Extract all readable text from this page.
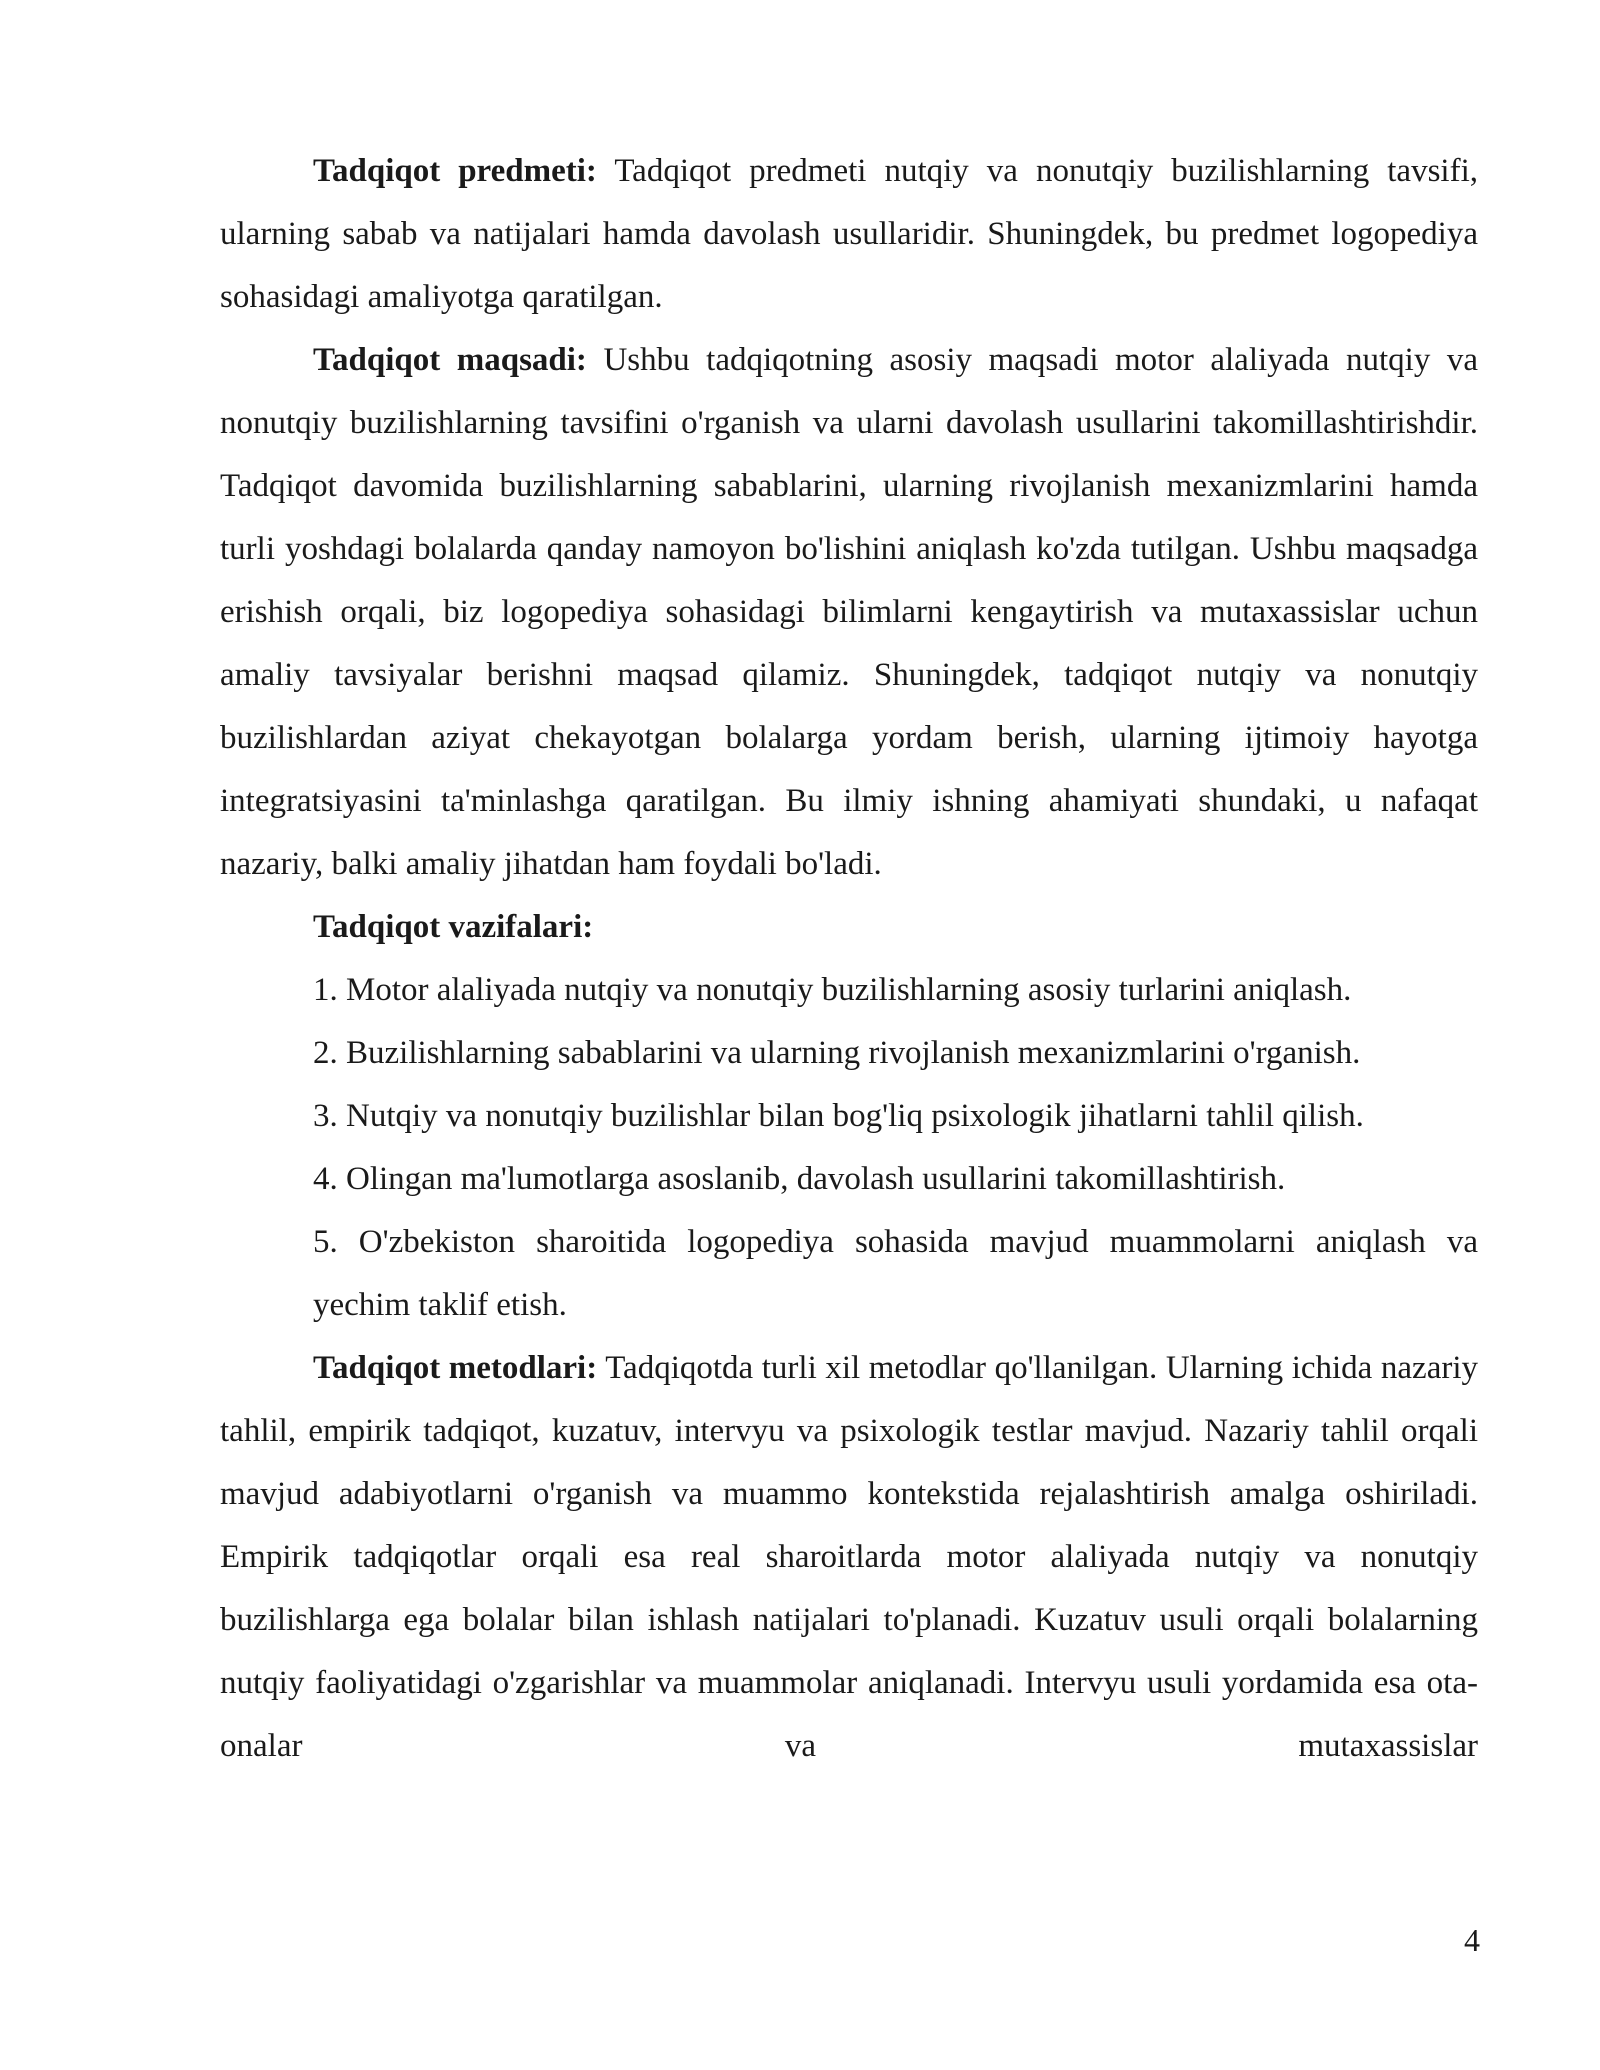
Tadqiqot predmeti: Tadqiqot predmeti nutqiy va nonutqiy buzilishlarning tavsifi, ularning sabab va natijalari hamda davolash usullaridir. Shuningdek, bu predmet logopediya sohasidagi amaliyotga qaratilgan.

Tadqiqot maqsadi: Ushbu tadqiqotning asosiy maqsadi motor alaliyada nutqiy va nonutqiy buzilishlarning tavsifini o'rganish va ularni davolash usullarini takomillashtirishdir. Tadqiqot davomida buzilishlarning sabablarini, ularning rivojlanish mexanizmlarini hamda turli yoshdagi bolalarda qanday namoyon bo'lishini aniqlash ko'zda tutilgan. Ushbu maqsadga erishish orqali, biz logopediya sohasidagi bilimlarni kengaytirish va mutaxassislar uchun amaliy tavsiyalar berishni maqsad qilamiz. Shuningdek, tadqiqot nutqiy va nonutqiy buzilishlardan aziyat chekayotgan bolalarga yordam berish, ularning ijtimoiy hayotga integratsiyasini ta'minlashga qaratilgan. Bu ilmiy ishning ahamiyati shundaki, u nafaqat nazariy, balki amaliy jihatdan ham foydali bo'ladi.

Tadqiqot vazifalari:

1. Motor alaliyada nutqiy va nonutqiy buzilishlarning asosiy turlarini aniqlash.

2. Buzilishlarning sabablarini va ularning rivojlanish mexanizmlarini o'rganish.

3. Nutqiy va nonutqiy buzilishlar bilan bog'liq psixologik jihatlarni tahlil qilish.

4. Olingan ma'lumotlarga asoslanib, davolash usullarini takomillashtirish.

5. O'zbekiston sharoitida logopediya sohasida mavjud muammolarni aniqlash va yechim taklif etish.

Tadqiqot metodlari: Tadqiqotda turli xil metodlar qo'llanilgan. Ularning ichida nazariy tahlil, empirik tadqiqot, kuzatuv, intervyu va psixologik testlar mavjud. Nazariy tahlil orqali mavjud adabiyotlarni o'rganish va muammo kontekstida rejalashtirish amalga oshiriladi. Empirik tadqiqotlar orqali esa real sharoitlarda motor alaliyada nutqiy va nonutqiy buzilishlarga ega bolalar bilan ishlash natijalari to'planadi. Kuzatuv usuli orqali bolalarning nutqiy faoliyatidagi o'zgarishlar va muammolar aniqlanadi. Intervyu usuli yordamida esa ota-onalar va mutaxassislar

4
